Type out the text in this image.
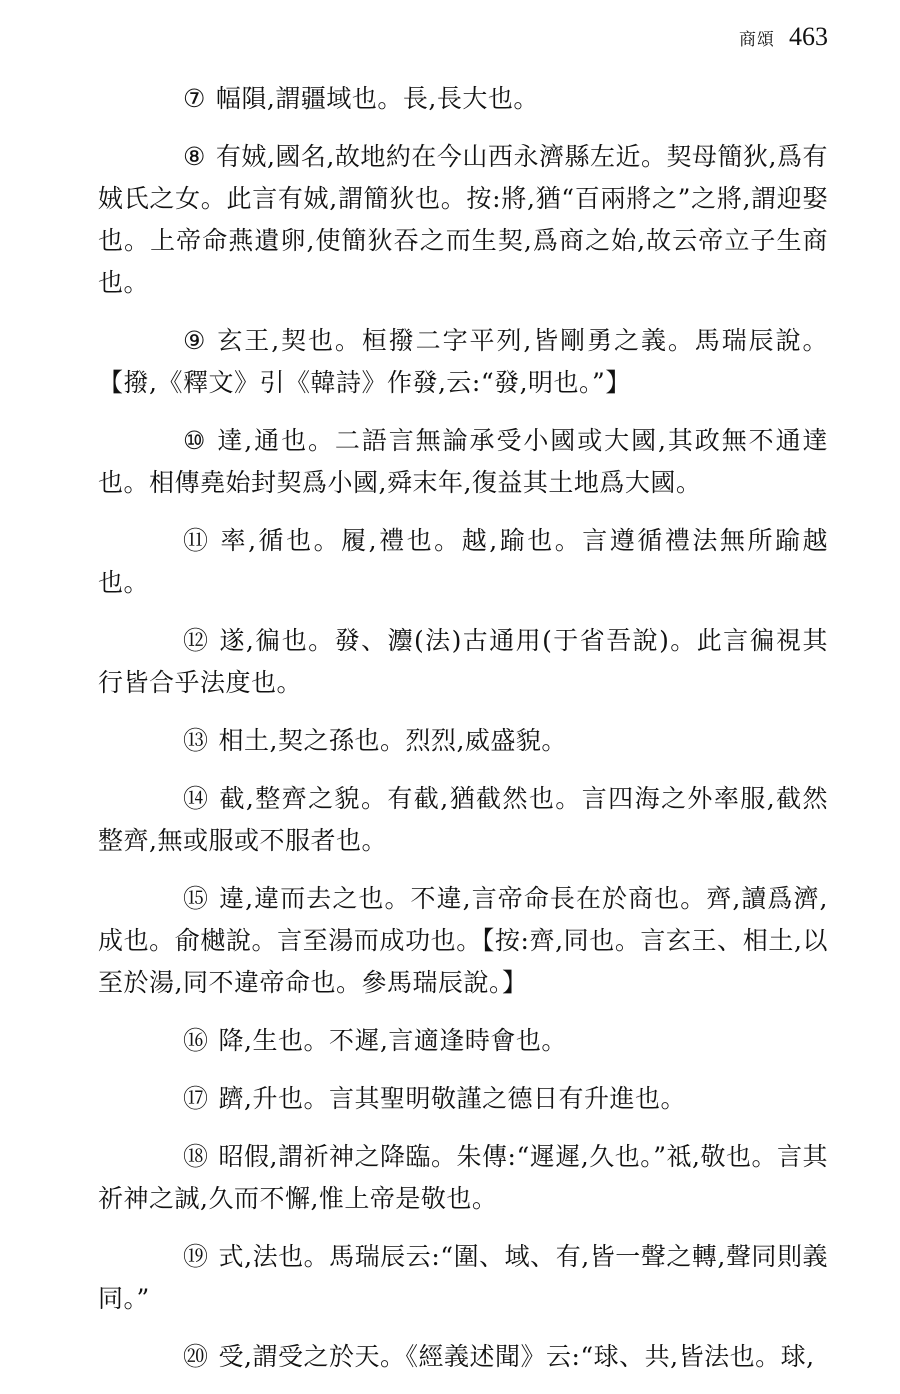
商頌 463

⑦ 幅隕,謂疆域也。長,長大也。

⑧ 有娀,國名,故地約在今山西永濟縣左近。契母簡狄,爲有娀氏之女。此言有娀,謂簡狄也。按:將,猶“百兩將之”之將,謂迎娶也。上帝命燕遺卵,使簡狄吞之而生契,爲商之始,故云帝立子生商也。

⑨ 玄王,契也。桓撥二字平列,皆剛勇之義。馬瑞辰說。【撥,《釋文》引《韓詩》作發,云:“發,明也。”】

⑩ 達,通也。二語言無論承受小國或大國,其政無不通達也。相傳堯始封契爲小國,舜末年,復益其土地爲大國。

⑪ 率,循也。履,禮也。越,踰也。言遵循禮法無所踰越也。

⑫ 遂,徧也。發、灋(法)古通用(于省吾說)。此言徧視其行皆合乎法度也。

⑬ 相土,契之孫也。烈烈,威盛貌。

⑭ 截,整齊之貌。有截,猶截然也。言四海之外率服,截然整齊,無或服或不服者也。

⑮ 違,違而去之也。不違,言帝命長在於商也。齊,讀爲濟,成也。俞樾說。言至湯而成功也。【按:齊,同也。言玄王、相土,以至於湯,同不違帝命也。參馬瑞辰說。】

⑯ 降,生也。不遲,言適逢時會也。

⑰ 躋,升也。言其聖明敬謹之德日有升進也。

⑱ 昭假,謂祈神之降臨。朱傳:“遲遲,久也。”祗,敬也。言其祈神之誠,久而不懈,惟上帝是敬也。

⑲ 式,法也。馬瑞辰云:“圍、域、有,皆一聲之轉,聲同則義同。”

⑳ 受,謂受之於天。《經義述聞》云:“球、共,皆法也。球,
